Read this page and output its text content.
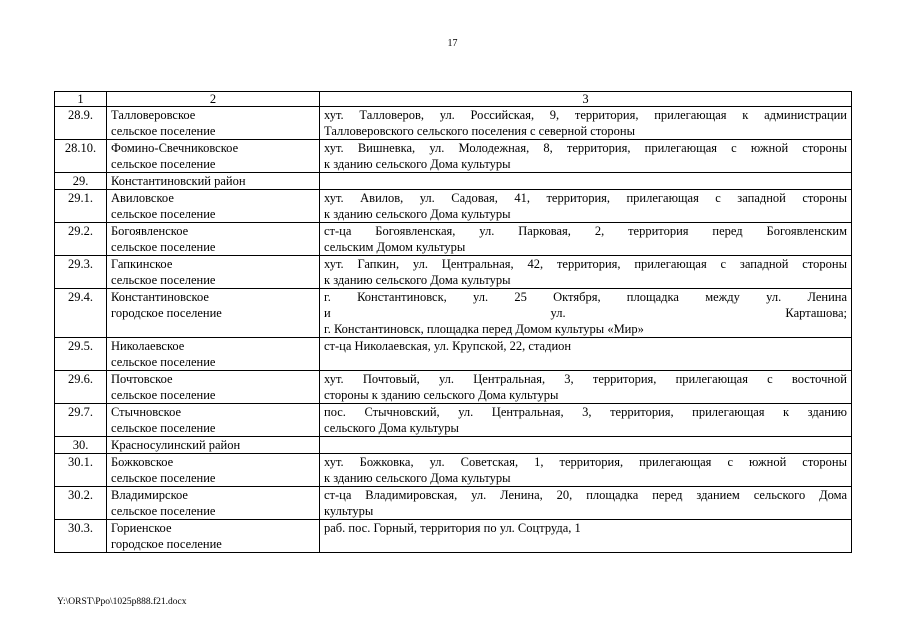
17
1	2	3
28.9.	Талловеровское
сельское поселение	хут. Талловеров, ул. Российская, 9, территория, прилегающая к администрации
Талловеровского сельского поселения с северной стороны

28.10.	Фомино-Свечниковское
сельское поселение	хут. Вишневка, ул. Молодежная, 8, территория, прилегающая с южной стороны
к зданию сельского Дома культуры

29.	Константиновский район	

29.1.	Авиловское
сельское поселение	хут. Авилов, ул. Садовая, 41, территория, прилегающая с западной стороны
к зданию сельского Дома культуры

29.2.	Богоявленское
сельское поселение	ст-ца Богоявленская, ул. Парковая, 2, территория перед Богоявленским
сельским Домом культуры

29.3.	Гапкинское
сельское поселение	хут. Гапкин, ул. Центральная, 42, территория, прилегающая с западной стороны
к зданию сельского Дома культуры

29.4.	Константиновское
городское поселение	г. Константиновск, ул. 25 Октября, площадка между ул. Ленина
и ул. Карташова;
г. Константиновск, площадка перед Домом культуры «Мир»

29.5.	Николаевское
сельское поселение	ст-ца Николаевская, ул. Крупской, 22, стадион

29.6.	Почтовское
сельское поселение	хут. Почтовый, ул. Центральная, 3, территория, прилегающая с восточной
стороны к зданию сельского Дома культуры

29.7.	Стычновское
сельское поселение	пос. Стычновский, ул. Центральная, 3, территория, прилегающая к зданию
сельского Дома культуры

30.	Красносулинский район	

30.1.	Божковское
сельское поселение	хут. Божковка, ул. Советская, 1, территория, прилегающая с южной стороны
к зданию сельского Дома культуры

30.2.	Владимирское
сельское поселение	ст-ца Владимировская, ул. Ленина, 20, площадка перед зданием сельского Дома
культуры

30.3.	Гориенское
городское поселение	раб. пос. Горный, территория по ул. Соцтруда, 1
Y:\ORST\Ppo\1025p888.f21.docx
